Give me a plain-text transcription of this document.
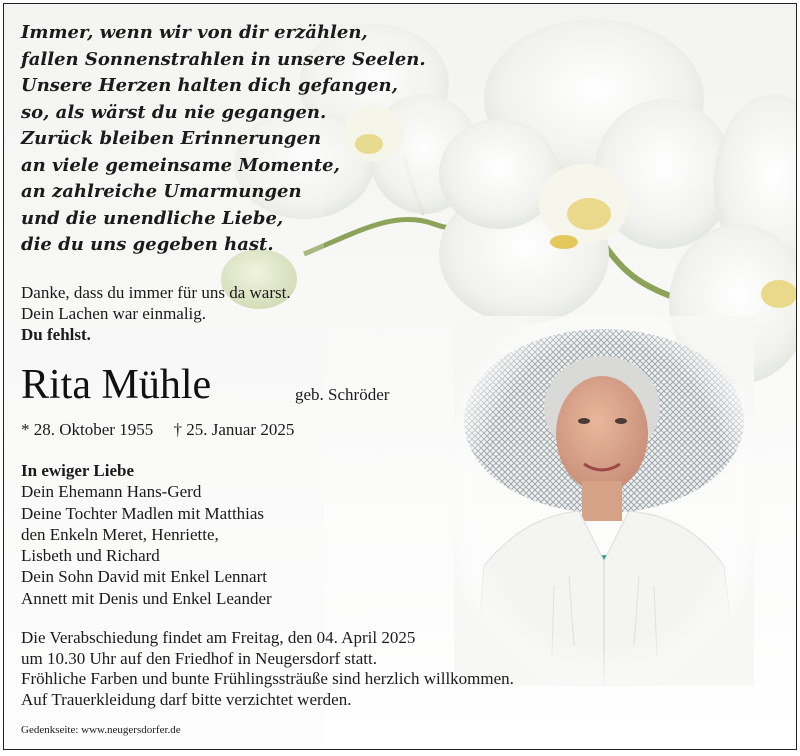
Immer, wenn wir von dir erzählen,
fallen Sonnenstrahlen in unsere Seelen.
Unsere Herzen halten dich gefangen,
so, als wärst du nie gegangen.
Zurück bleiben Erinnerungen
an viele gemeinsame Momente,
an zahlreiche Umarmungen
und die unendliche Liebe,
die du uns gegeben hast.
Danke, dass du immer für uns da warst.
Dein Lachen war einmalig.
Du fehlst.
Rita Mühle	geb. Schröder
* 28. Oktober 1955 † 25. Januar 2025
In ewiger Liebe
Dein Ehemann Hans-Gerd
Deine Tochter Madlen mit Matthias
den Enkeln Meret, Henriette,
Lisbeth und Richard
Dein Sohn David mit Enkel Lennart
Annett mit Denis und Enkel Leander
Die Verabschiedung findet am Freitag, den 04. April 2025
um 10.30 Uhr auf den Friedhof in Neugersdorf statt.
Fröhliche Farben und bunte Frühlingssträuße sind herzlich willkommen.
Auf Trauerkleidung darf bitte verzichtet werden.
Gedenkseite: www.neugersdorfer.de
